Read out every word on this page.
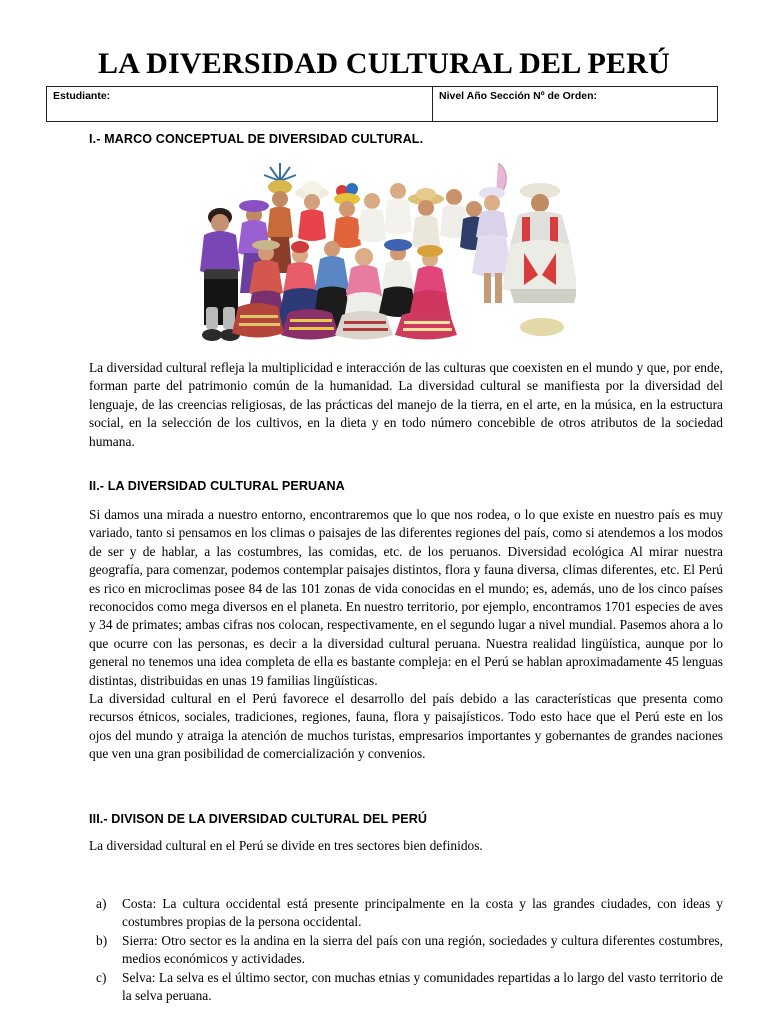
LA DIVERSIDAD CULTURAL DEL PERÚ
Estudiante:	Nivel Año Sección Nº de Orden:
I.- MARCO CONCEPTUAL DE DIVERSIDAD CULTURAL.
La diversidad cultural refleja la multiplicidad e interacción de las culturas que coexisten en el mundo y que, por ende, forman parte del patrimonio común de la humanidad. La diversidad cultural se manifiesta por la diversidad del lenguaje, de las creencias religiosas, de las prácticas del manejo de la tierra, en el arte, en la música, en la estructura social, en la selección de los cultivos, en la dieta y en todo número concebible de otros atributos de la sociedad humana.
II.- LA DIVERSIDAD CULTURAL PERUANA
Si damos una mirada a nuestro entorno, encontraremos que lo que nos rodea, o lo que existe en nuestro país es muy variado, tanto si pensamos en los climas o paisajes de las diferentes regiones del país, como si atendemos a los modos de ser y de hablar, a las costumbres, las comidas, etc. de los peruanos. Diversidad ecológica Al mirar nuestra geografía, para comenzar, podemos contemplar paisajes distintos, flora y fauna diversa, climas diferentes, etc. El Perú es rico en microclimas posee 84 de las 101 zonas de vida conocidas en el mundo; es, además, uno de los cinco países reconocidos como mega diversos en el planeta. En nuestro territorio, por ejemplo, encontramos 1701 especies de aves y 34 de primates; ambas cifras nos colocan, respectivamente, en el segundo lugar a nivel mundial. Pasemos ahora a lo que ocurre con las personas, es decir a la diversidad cultural peruana. Nuestra realidad lingüística, aunque por lo general no tenemos una idea completa de ella es bastante compleja: en el Perú se hablan aproximadamente 45 lenguas distintas, distribuidas en unas 19 familias lingüísticas.
La diversidad cultural en el Perú favorece el desarrollo del país debido a las características que presenta como recursos étnicos, sociales, tradiciones, regiones, fauna, flora y paisajísticos. Todo esto hace que el Perú este en los ojos del mundo y atraiga la atención de muchos turistas, empresarios importantes y gobernantes de grandes naciones que ven una gran posibilidad de comercialización y convenios.
III.- DIVISON DE LA DIVERSIDAD CULTURAL DEL PERÚ
La diversidad cultural en el Perú se divide en tres sectores bien definidos.
a)	Costa: La cultura occidental está presente principalmente en la costa y las grandes ciudades, con ideas y costumbres propias de la persona occidental.
b)	Sierra: Otro sector es la andina en la sierra del país con una región, sociedades y cultura diferentes costumbres, medios económicos y actividades.
c)	Selva: La selva es el último sector, con muchas etnias y comunidades repartidas a lo largo del vasto territorio de la selva peruana.
